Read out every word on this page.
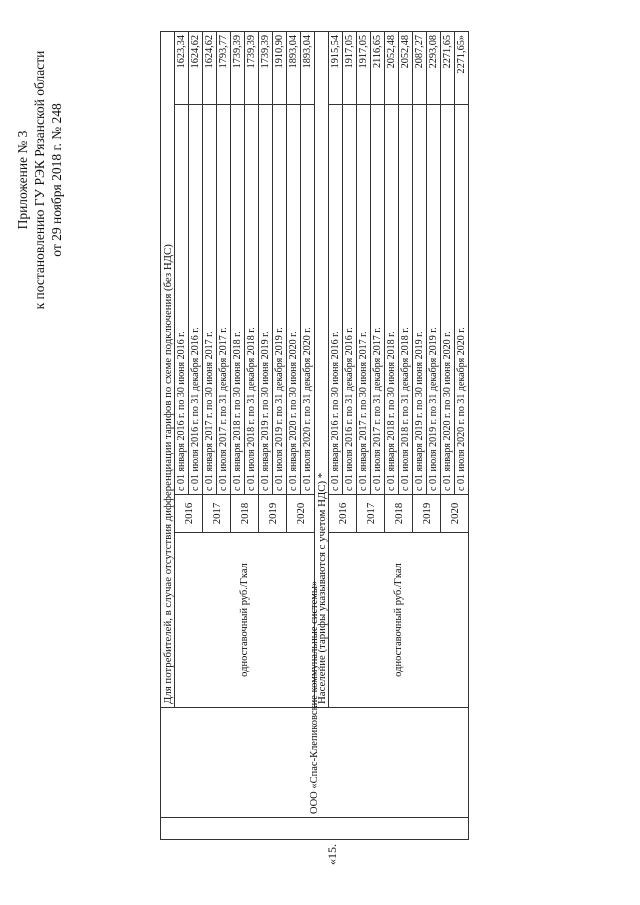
Приложение № 3 к постановлению ГУ РЭК Рязанской области от 29 ноября 2018 г. № 248
«15.
	ООО «Спас-Клепиковские коммунальные системы»	Для потребителей, в случае отсутствия дифференциации тарифов по схеме подключения (без НДС)			
		одноставочный руб./Гкал	2016	с 01 января 2016 г. по 30 июня 2016 г.	1623,34
				с 01 июля 2016 г. по 31 декабря 2016 г.	1624,62
			2017	с 01 января 2017 г. по 30 июня 2017 г.	1624,62
				с 01 июля 2017 г. по 31 декабря 2017 г.	1793,77
			2018	с 01 января 2018 г. по 30 июня 2018 г.	1739,39
				с 01 июля 2018 г. по 31 декабря 2018 г.	1739,39
			2019	с 01 января 2019 г. по 30 июня 2019 г.	1739,39
				с 01 июля 2019 г. по 31 декабря 2019 г.	1910,90
			2020	с 01 января 2020 г. по 30 июня 2020 г.	1893,04
				с 01 июля 2020 г. по 31 декабря 2020 г.	1893,04
		Население (тарифы указываются с учетом НДС) *			
		одноставочный руб./Гкал	2016	с 01 января 2016 г. по 30 июня 2016 г.	1915,54
				с 01 июля 2016 г. по 31 декабря 2016 г.	1917,05
			2017	с 01 января 2017 г. по 30 июня 2017 г.	1917,05
				с 01 июля 2017 г. по 31 декабря 2017 г.	2116,65
			2018	с 01 января 2018 г. по 30 июня 2018 г.	2052,48
				с 01 июля 2018 г. по 31 декабря 2018 г.	2052,48
			2019	с 01 января 2019 г. по 30 июня 2019 г.	2087,27
				с 01 июля 2019 г. по 31 декабря 2019 г.	2293,08
			2020	с 01 января 2020 г. по 30 июня 2020 г.	2271,65
				с 01 июля 2020 г. по 31 декабря 2020 г.	2271,65»
